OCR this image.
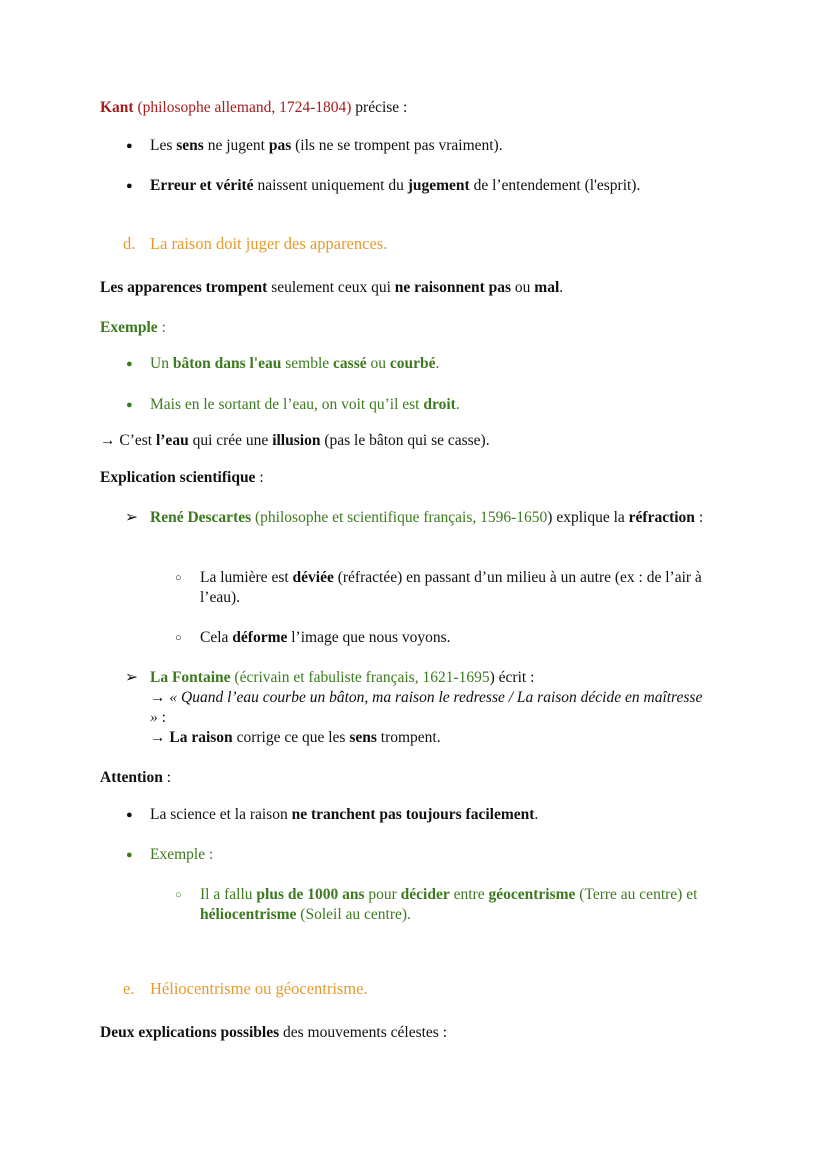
Kant (philosophe allemand, 1724-1804) précise :
● Les sens ne jugent pas (ils ne se trompent pas vraiment).
● Erreur et vérité naissent uniquement du jugement de l’entendement (l'esprit).
d. La raison doit juger des apparences.
Les apparences trompent seulement ceux qui ne raisonnent pas ou mal.
Exemple :
● Un bâton dans l'eau semble cassé ou courbé.
● Mais en le sortant de l’eau, on voit qu’il est droit.
→ C’est l’eau qui crée une illusion (pas le bâton qui se casse).
Explication scientifique :
➢ René Descartes (philosophe et scientifique français, 1596-1650) explique la réfraction :
○ La lumière est déviée (réfractée) en passant d’un milieu à un autre (ex : de l’air à l’eau).
○ Cela déforme l’image que nous voyons.
➢ La Fontaine (écrivain et fabuliste français, 1621-1695) écrit :
→ « Quand l’eau courbe un bâton, ma raison le redresse / La raison décide en maîtresse » :
→ La raison corrige ce que les sens trompent.
Attention :
● La science et la raison ne tranchent pas toujours facilement.
● Exemple :
○ Il a fallu plus de 1000 ans pour décider entre géocentrisme (Terre au centre) et héliocentrisme (Soleil au centre).
e. Héliocentrisme ou géocentrisme.
Deux explications possibles des mouvements célestes :
